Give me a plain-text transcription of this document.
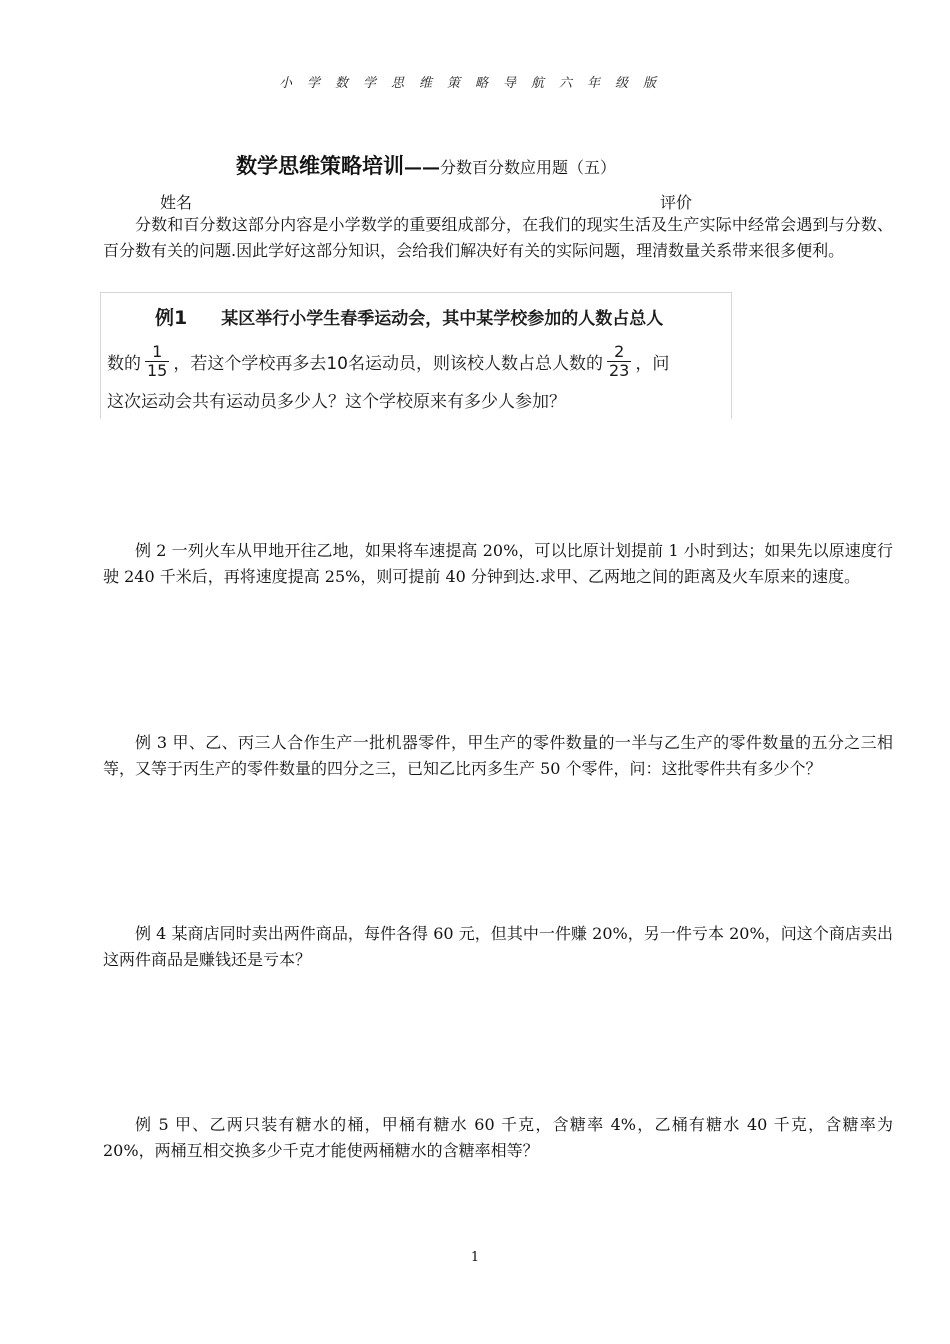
小学数学思维策略导航六年级版
数学思维策略培训——分数百分数应用题（五）
姓名	评价
分数和百分数这部分内容是小学数学的重要组成部分，在我们的现实生活及生产实际中经常会遇到与分数、百分数有关的问题.因此学好这部分知识，会给我们解决好有关的实际问题，理清数量关系带来很多便利。
例1 某区举行小学生春季运动会，其中某学校参加的人数占总人
数的 $\frac{1}{15}$ ，若这个学校再多去10名运动员，则该校人数占总人数的 $\frac{2}{23}$ ，问
这次运动会共有运动员多少人？这个学校原来有多少人参加？
例 2 一列火车从甲地开往乙地，如果将车速提高 20%，可以比原计划提前 1 小时到达；如果先以原速度行驶 240 千米后，再将速度提高 25%，则可提前 40 分钟到达.求甲、乙两地之间的距离及火车原来的速度。
例 3 甲、乙、丙三人合作生产一批机器零件，甲生产的零件数量的一半与乙生产的零件数量的五分之三相等，又等于丙生产的零件数量的四分之三，已知乙比丙多生产 50 个零件，问：这批零件共有多少个？
例 4 某商店同时卖出两件商品，每件各得 60 元，但其中一件赚 20%，另一件亏本 20%，问这个商店卖出这两件商品是赚钱还是亏本？
例 5 甲、乙两只装有糖水的桶，甲桶有糖水 60 千克，含糖率 4%，乙桶有糖水 40 千克，含糖率为 20%，两桶互相交换多少千克才能使两桶糖水的含糖率相等？
1
